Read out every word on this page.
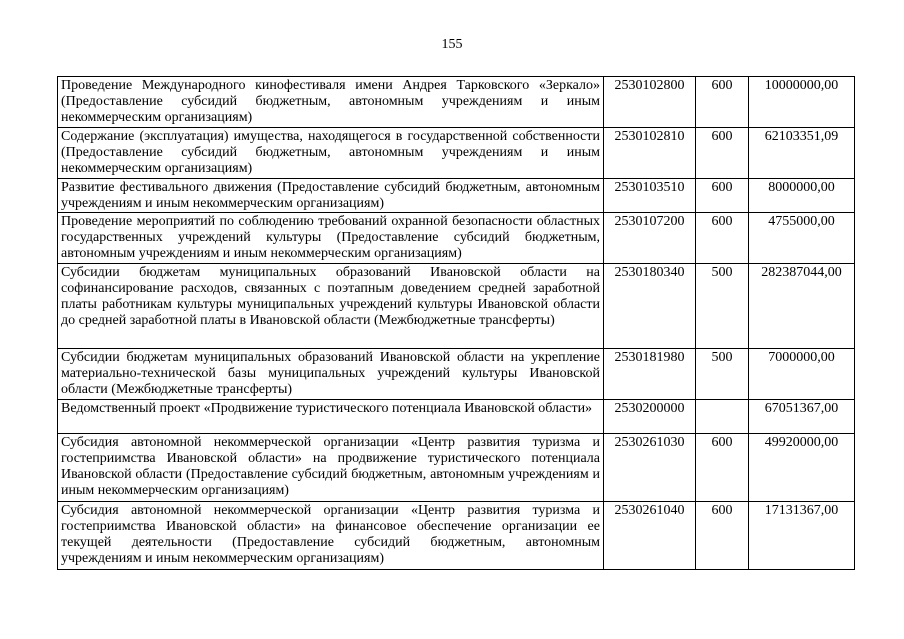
155
Проведение Международного кинофестиваля имени Андрея Тарковского «Зеркало» (Предоставление субсидий бюджетным, автономным учреждениям и иным некоммерческим организациям)	2530102800	600	10000000,00
Содержание (эксплуатация) имущества, находящегося в государственной собственности (Предоставление субсидий бюджетным, автономным учреждениям и иным некоммерческим организациям)	2530102810	600	62103351,09
Развитие фестивального движения (Предоставление субсидий бюджетным, автономным учреждениям и иным некоммерческим организациям)	2530103510	600	8000000,00
Проведение мероприятий по соблюдению требований охранной безопасности областных государственных учреждений культуры (Предоставление субсидий бюджетным, автономным учреждениям и иным некоммерческим организациям)	2530107200	600	4755000,00
Субсидии бюджетам муниципальных образований Ивановской области на софинансирование расходов, связанных с поэтапным доведением средней заработной платы работникам культуры муниципальных учреждений культуры Ивановской области до средней заработной платы в Ивановской области (Межбюджетные трансферты)	2530180340	500	282387044,00
Субсидии бюджетам муниципальных образований Ивановской области на укрепление материально-технической базы муниципальных учреждений культуры Ивановской области (Межбюджетные трансферты)	2530181980	500	7000000,00
Ведомственный проект «Продвижение туристического потенциала Ивановской области»	2530200000		67051367,00
Субсидия автономной некоммерческой организации «Центр развития туризма и гостеприимства Ивановской области» на продвижение туристического потенциала Ивановской области (Предоставление субсидий бюджетным, автономным учреждениям и иным некоммерческим организациям)	2530261030	600	49920000,00
Субсидия автономной некоммерческой организации «Центр развития туризма и гостеприимства Ивановской области» на финансовое обеспечение организации ее текущей деятельности (Предоставление субсидий бюджетным, автономным учреждениям и иным некоммерческим организациям)	2530261040	600	17131367,00
